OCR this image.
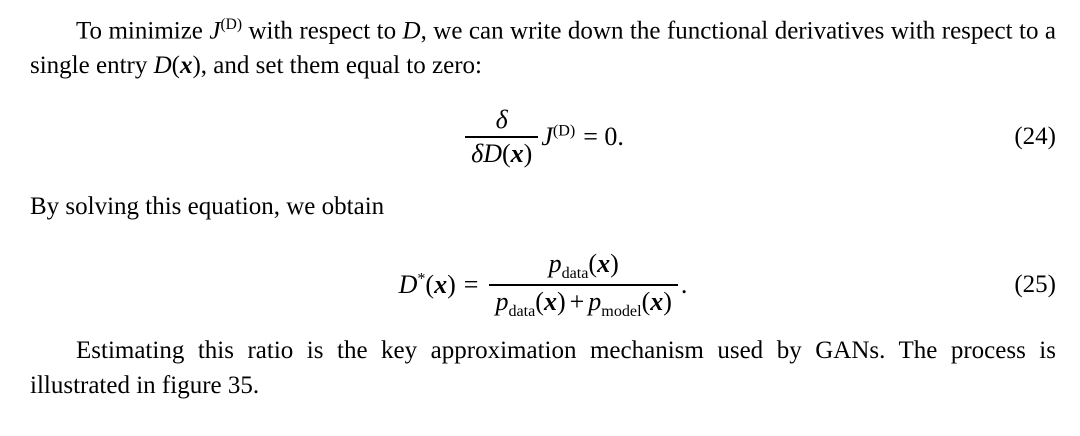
To minimize $J^{(D)}$ with respect to D, we can write down the functional derivatives with respect to a single entry D(x), and set them equal to zero:

$\frac{\delta}{\delta D(x)} J^{(D)} = 0$.	(24)

By solving this equation, we obtain

$D^*(x) = \frac{p_{data}(x)}{p_{data}(x) + p_{model}(x)}$ .	(25)

Estimating this ratio is the key approximation mechanism used by GANs. The process is illustrated in figure 35.
